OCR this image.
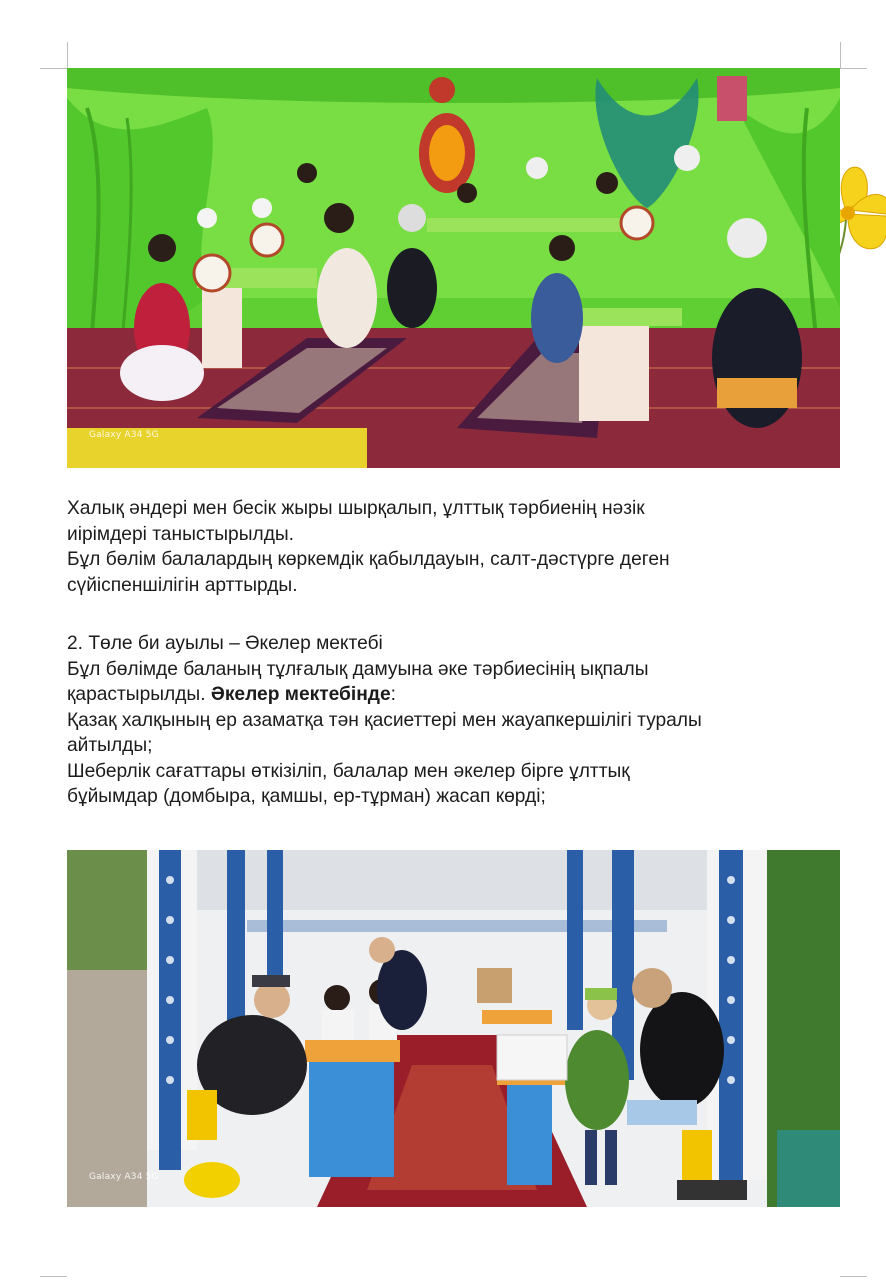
Galaxy A34 5G

Халық әндері мен бесік жыры шырқалып, ұлттық тәрбиенің нәзік

иірімдері таныстырылды.

Бұл бөлім балалардың көркемдік қабылдауын, салт-дәстүрге деген

сүйіспеншілігін арттырды.

2. Төле би ауылы – Әкелер мектебі

Бұл бөлімде баланың тұлғалық дамуына әке тәрбиесінің ықпалы

қарастырылды. Әкелер мектебінде:

Қазақ халқының ер азаматқа тән қасиеттері мен жауапкершілігі туралы

айтылды;

Шеберлік сағаттары өткізіліп, балалар мен әкелер бірге ұлттық

бұйымдар (домбыра, қамшы, ер-тұрман) жасап көрді;

Galaxy A34 5G
